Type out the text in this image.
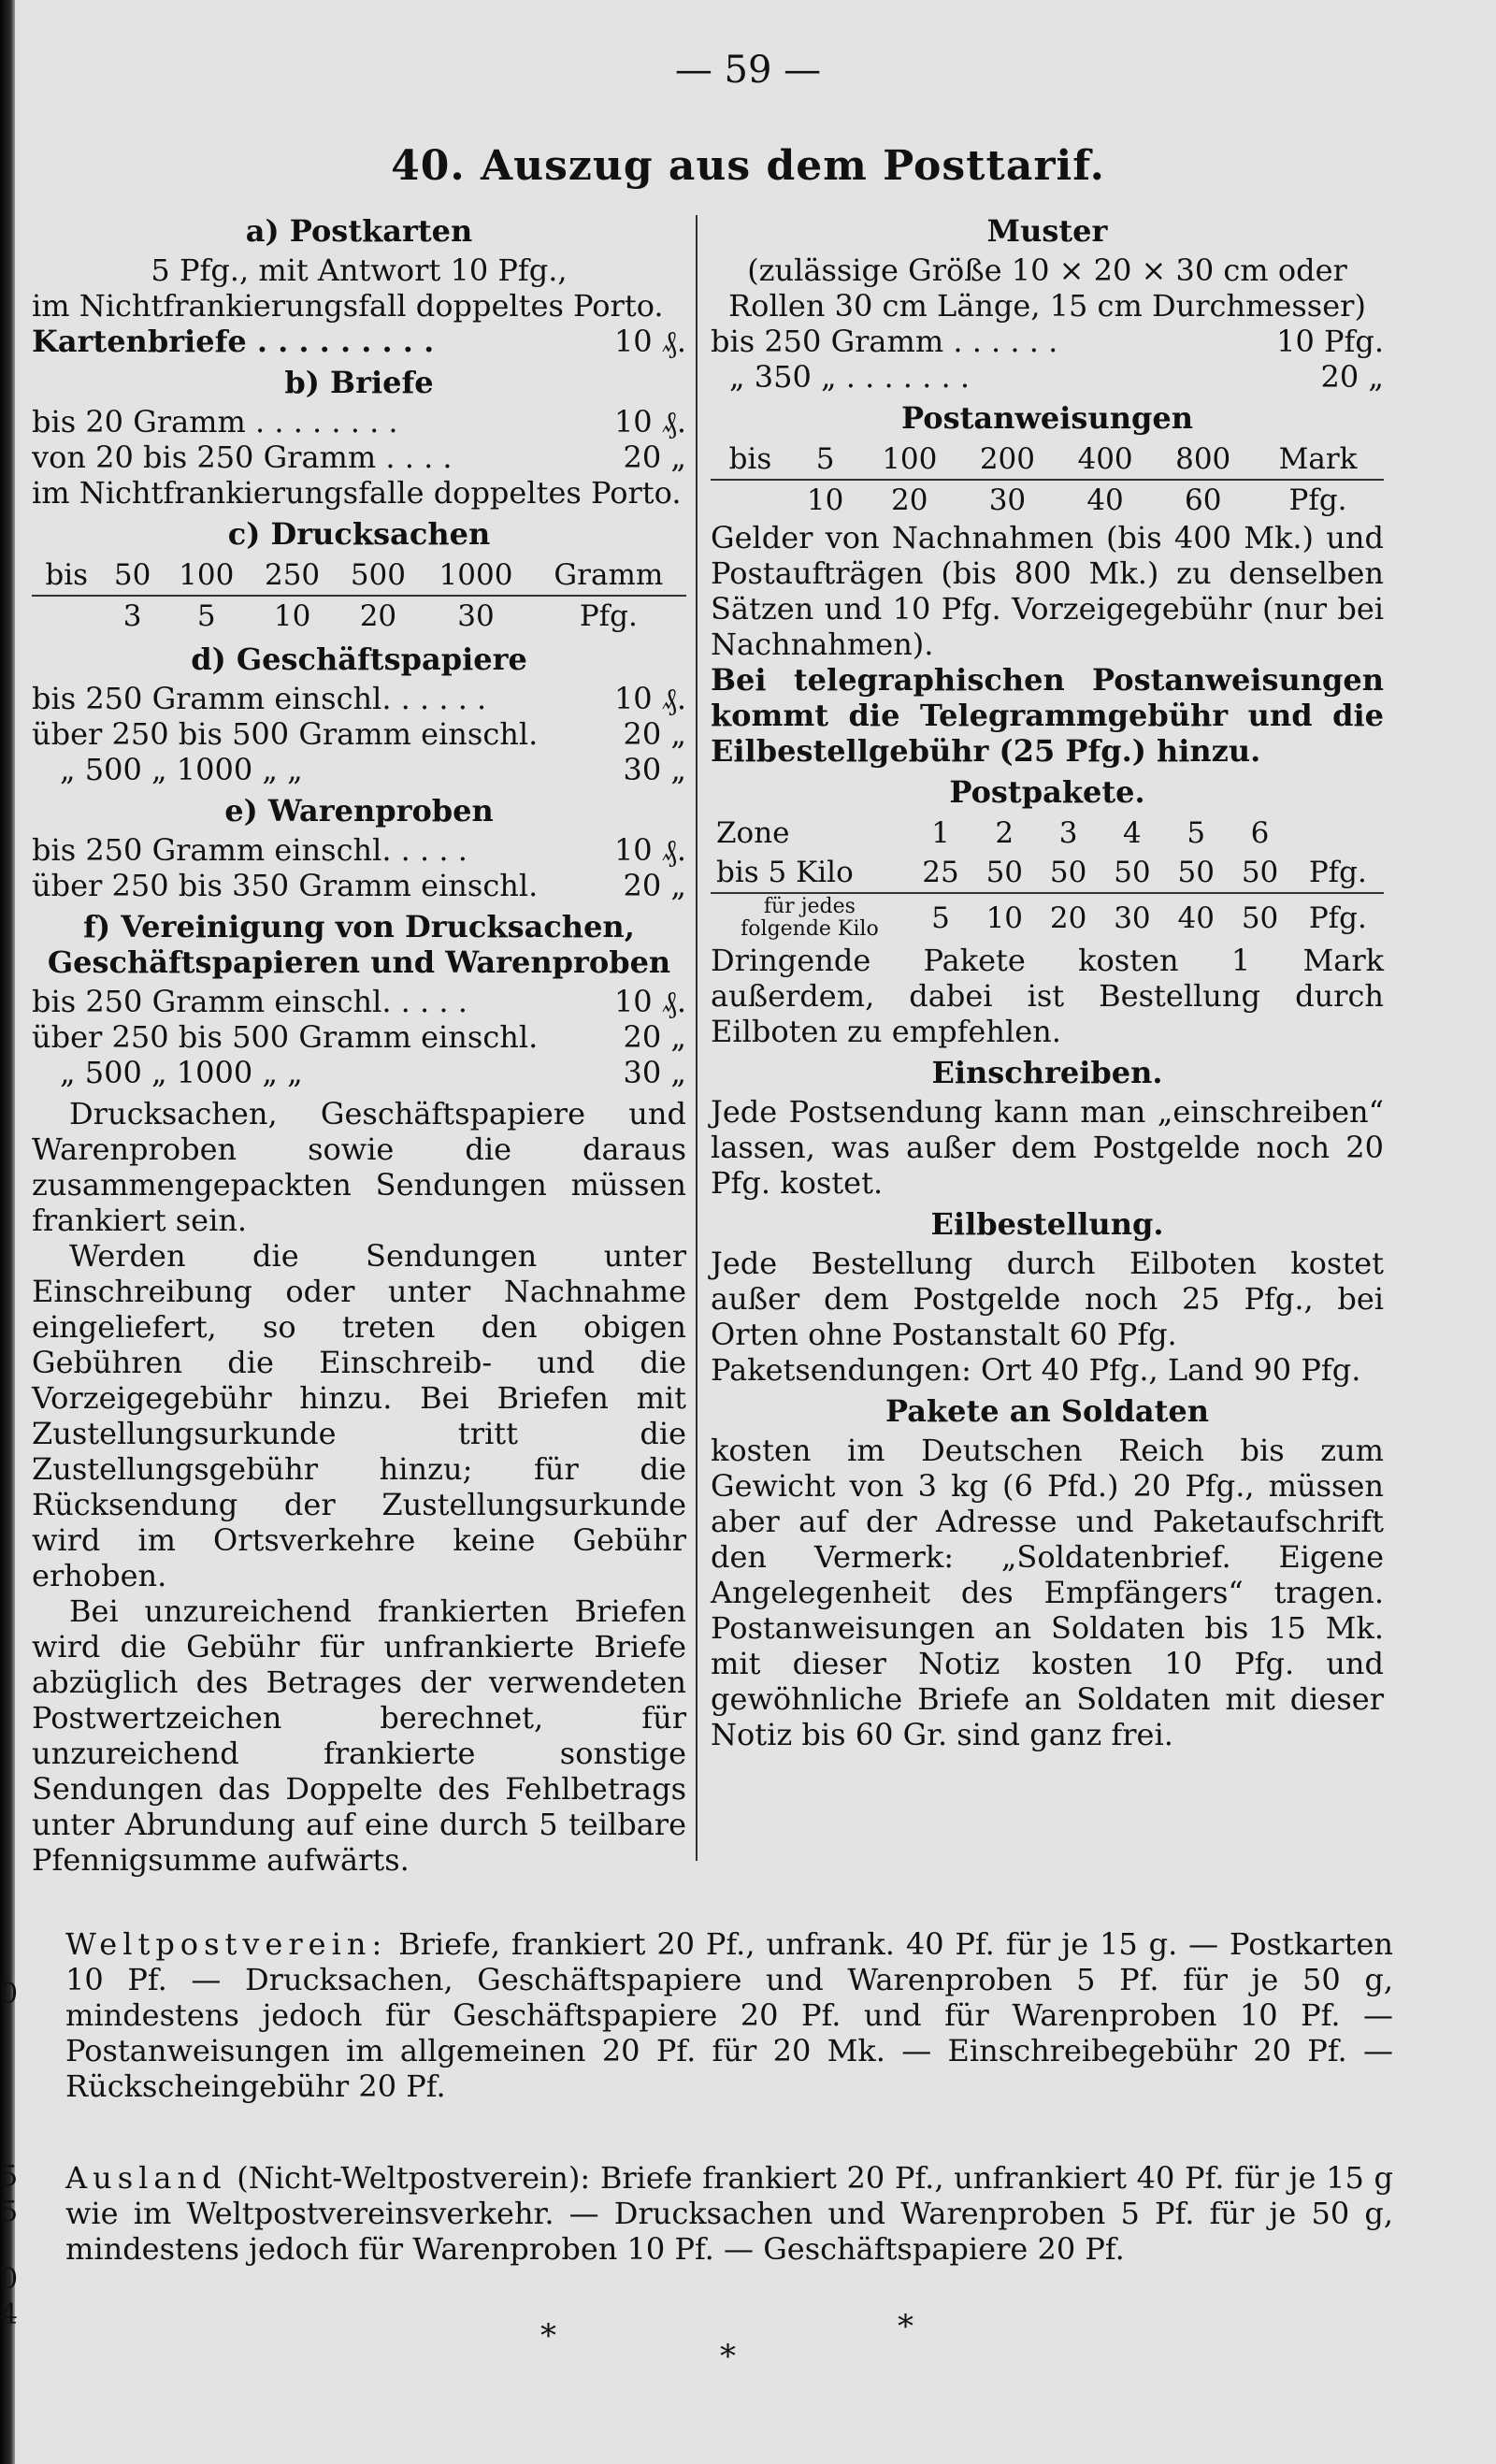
— 59 —
40. Auszug aus dem Posttarif.
a) Postkarten
5 Pfg., mit Antwort 10 Pfg.,
im Nichtfrankierungsfall doppeltes Porto.
Kartenbriefe . . . . . . . . .	10 ₰.
b) Briefe
bis 20 Gramm . . . . . . . .	10 ₰.
von 20 bis 250 Gramm . . . .	20 „
im Nichtfrankierungsfalle doppeltes Porto.
c) Drucksachen
bis	50	100	250	500	1000	Gramm
	3	5	10	20	30	Pfg.
d) Geschäftspapiere
bis 250 Gramm einschl. . . . . .	10 ₰.
über 250 bis 500 Gramm einschl.	20 „
„ 500 „ 1000 „ „	30 „
e) Warenproben
bis 250 Gramm einschl. . . . .	10 ₰.
über 250 bis 350 Gramm einschl.	20 „
f) Vereinigung von Drucksachen,
Geschäftspapieren und Warenproben
bis 250 Gramm einschl. . . . .	10 ₰.
über 250 bis 500 Gramm einschl.	20 „
„ 500 „ 1000 „ „	30 „
Drucksachen, Geschäftspapiere und Warenproben sowie die daraus zusammengepackten Sendungen müssen frankiert sein.
Werden die Sendungen unter Einschreibung oder unter Nachnahme eingeliefert, so treten den obigen Gebühren die Einschreib- und die Vorzeigegebühr hinzu. Bei Briefen mit Zustellungsurkunde tritt die Zustellungsgebühr hinzu; für die Rücksendung der Zustellungsurkunde wird im Ortsverkehre keine Gebühr erhoben.
Bei unzureichend frankierten Briefen wird die Gebühr für unfrankierte Briefe abzüglich des Betrages der verwendeten Postwertzeichen berechnet, für unzureichend frankierte sonstige Sendungen das Doppelte des Fehlbetrags unter Abrundung auf eine durch 5 teilbare Pfennigsumme aufwärts.
Muster
(zulässige Größe 10 × 20 × 30 cm oder
Rollen 30 cm Länge, 15 cm Durchmesser)
bis 250 Gramm . . . . . .	10 Pfg.
„ 350 „ . . . . . . .	20 „
Postanweisungen
bis	5	100	200	400	800	Mark
	10	20	30	40	60	Pfg.
Gelder von Nachnahmen (bis 400 Mk.) und Postaufträgen (bis 800 Mk.) zu denselben Sätzen und 10 Pfg. Vorzeigegebühr (nur bei Nachnahmen).
Bei telegraphischen Postanweisungen kommt die Telegrammgebühr und die Eilbestellgebühr (25 Pfg.) hinzu.
Postpakete.
Zone	1	2	3	4	5	6	
bis 5 Kilo	25	50	50	50	50	50	Pfg.

für jedes
folgende Kilo	5	10	20	30	40	50	Pfg.
Dringende Pakete kosten 1 Mark außerdem, dabei ist Bestellung durch Eilboten zu empfehlen.
Einschreiben.
Jede Postsendung kann man „einschreiben“ lassen, was außer dem Postgelde noch 20 Pfg. kostet.
Eilbestellung.
Jede Bestellung durch Eilboten kostet außer dem Postgelde noch 25 Pfg., bei Orten ohne Postanstalt 60 Pfg.
Paketsendungen: Ort 40 Pfg., Land 90 Pfg.
Pakete an Soldaten
kosten im Deutschen Reich bis zum Gewicht von 3 kg (6 Pfd.) 20 Pfg., müssen aber auf der Adresse und Paketaufschrift den Vermerk: „Soldatenbrief. Eigene Angelegenheit des Empfängers“ tragen. Postanweisungen an Soldaten bis 15 Mk. mit dieser Notiz kosten 10 Pfg. und gewöhnliche Briefe an Soldaten mit dieser Notiz bis 60 Gr. sind ganz frei.
Weltpostverein: Briefe, frankiert 20 Pf., unfrank. 40 Pf. für je 15 g. — Postkarten 10 Pf. — Drucksachen, Geschäftspapiere und Warenproben 5 Pf. für je 50 g, mindestens jedoch für Geschäftspapiere 20 Pf. und für Warenproben 10 Pf. — Postanweisungen im allgemeinen 20 Pf. für 20 Mk. — Einschreibegebühr 20 Pf. — Rückscheingebühr 20 Pf.
Ausland (Nicht-Weltpostverein): Briefe frankiert 20 Pf., unfrankiert 40 Pf. für je 15 g wie im Weltpostvereinsverkehr. — Drucksachen und Warenproben 5 Pf. für je 50 g, mindestens jedoch für Warenproben 10 Pf. — Geschäftspapiere 20 Pf.
*
*
*
0
5
5
0
4
